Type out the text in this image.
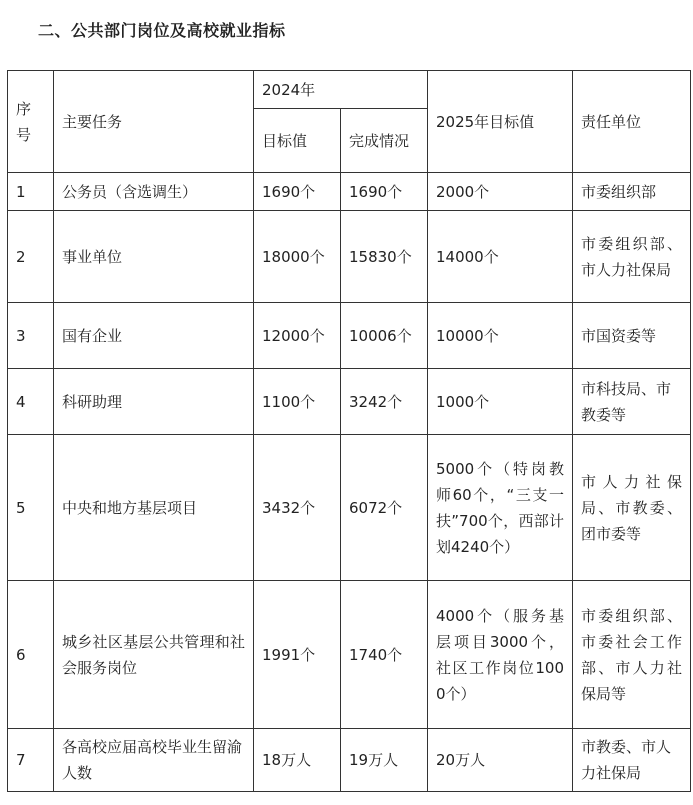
二、公共部门岗位及高校就业指标
序号	主要任务	2024年		2025年目标值	责任单位
		目标值	完成情况		
1	公务员（含选调生）	1690个	1690个	2000个	市委组织部
2	事业单位	18000个	15830个	14000个	市委组织部、市人力社保局
3	国有企业	12000个	10006个	10000个	市国资委等
4	科研助理	1100个	3242个	1000个	市科技局、市教委等
5	中央和地方基层项目	3432个	6072个	5000个（特岗教师60个，“三支一扶”700个，西部计划4240个）	市人力社保局、市教委、团市委等
6	城乡社区基层公共管理和社会服务岗位	1991个	1740个	4000个（服务基层项目3000个，社区工作岗位1000个）	市委组织部、市委社会工作部、市人力社保局等
7	各高校应届高校毕业生留渝人数	18万人	19万人	20万人	市教委、市人力社保局
